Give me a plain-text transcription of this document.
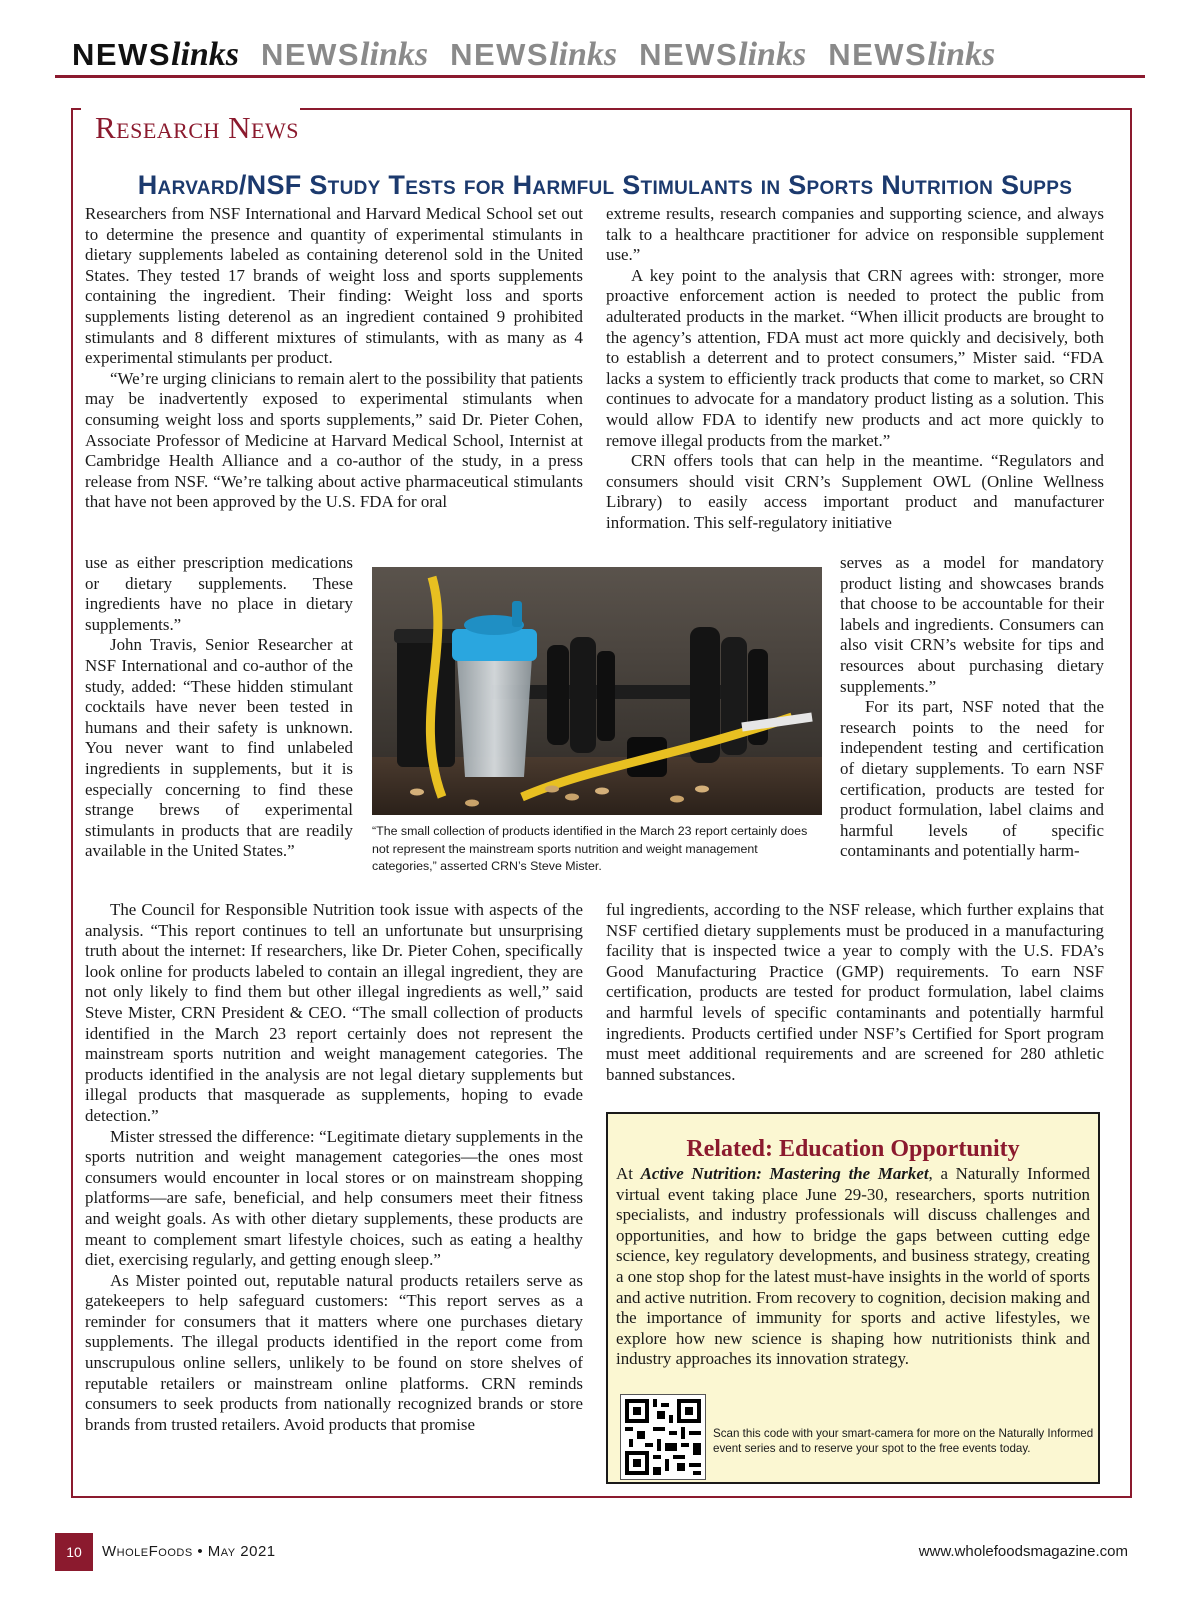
NEWSlinks NEWSlinks NEWSlinks NEWSlinks NEWSlinks
Research News
Harvard/NSF Study Tests for Harmful Stimulants in Sports Nutrition Supps

Researchers from NSF International and Harvard Medical School set out to determine the presence and quantity of experimental stimulants in dietary supplements labeled as containing deterenol sold in the United States. They tested 17 brands of weight loss and sports supplements containing the ingredient. Their finding: Weight loss and sports supplements listing deterenol as an ingredient contained 9 prohibited stimulants and 8 different mixtures of stimulants, with as many as 4 experimental stimulants per product.

“We’re urging clinicians to remain alert to the possibility that patients may be inadvertently exposed to experimental stimulants when consuming weight loss and sports supplements,” said Dr. Pieter Cohen, Associate Professor of Medicine at Harvard Medical School, Internist at Cambridge Health Alliance and a co-author of the study, in a press release from NSF. “We’re talking about active pharmaceutical stimulants that have not been approved by the U.S. FDA for oral

use as either prescription medications or dietary supplements. These ingredients have no place in dietary supplements.”

John Travis, Senior Researcher at NSF International and co-author of the study, added: “These hidden stimulant cocktails have never been tested in humans and their safety is unknown. You never want to find unlabeled ingredients in supplements, but it is especially concerning to find these strange brews of experimental stimulants in products that are readily available in the United States.”

The Council for Responsible Nutrition took issue with aspects of the analysis. “This report continues to tell an unfortunate but unsurprising truth about the internet: If researchers, like Dr. Pieter Cohen, specifically look online for products labeled to contain an illegal ingredient, they are not only likely to find them but other illegal ingredients as well,” said Steve Mister, CRN President & CEO. “The small collection of products identified in the March 23 report certainly does not represent the mainstream sports nutrition and weight management categories. The products identified in the analysis are not legal dietary supplements but illegal products that masquerade as supplements, hoping to evade detection.”

Mister stressed the difference: “Legitimate dietary supplements in the sports nutrition and weight management categories—the ones most consumers would encounter in local stores or on mainstream shopping platforms—are safe, beneficial, and help consumers meet their fitness and weight goals. As with other dietary supplements, these products are meant to complement smart lifestyle choices, such as eating a healthy diet, exercising regularly, and getting enough sleep.”

As Mister pointed out, reputable natural products retailers serve as gatekeepers to help safeguard customers: “This report serves as a reminder for consumers that it matters where one purchases dietary supplements. The illegal products identified in the report come from unscrupulous online sellers, unlikely to be found on store shelves of reputable retailers or mainstream online platforms. CRN reminds consumers to seek products from nationally recognized brands or store brands from trusted retailers. Avoid products that promise

extreme results, research companies and supporting science, and always talk to a healthcare practitioner for advice on responsible supplement use.”

A key point to the analysis that CRN agrees with: stronger, more proactive enforcement action is needed to protect the public from adulterated products in the market. “When illicit products are brought to the agency’s attention, FDA must act more quickly and decisively, both to establish a deterrent and to protect consumers,” Mister said. “FDA lacks a system to efficiently track products that come to market, so CRN continues to advocate for a mandatory product listing as a solution. This would allow FDA to identify new products and act more quickly to remove illegal products from the market.”

CRN offers tools that can help in the meantime. “Regulators and consumers should visit CRN’s Supplement OWL (Online Wellness Library) to easily access important product and manufacturer information. This self-regulatory initiative

serves as a model for mandatory product listing and showcases brands that choose to be accountable for their labels and ingredients. Consumers can also visit CRN’s website for tips and resources about purchasing dietary supplements.”

For its part, NSF noted that the research points to the need for independent testing and certification of dietary supplements. To earn NSF certification, products are tested for product formulation, label claims and harmful levels of specific contaminants and potentially harm-

ful ingredients, according to the NSF release, which further explains that NSF certified dietary supplements must be produced in a manufacturing facility that is inspected twice a year to comply with the U.S. FDA’s Good Manufacturing Practice (GMP) requirements. To earn NSF certification, products are tested for product formulation, label claims and harmful levels of specific contaminants and potentially harmful ingredients. Products certified under NSF’s Certified for Sport program must meet additional requirements and are screened for 280 athletic banned substances.

“The small collection of products identified in the March 23 report certainly does not represent the mainstream sports nutrition and weight management categories,” asserted CRN’s Steve Mister.
Related: Education Opportunity
At Active Nutrition: Mastering the Market, a Naturally Informed virtual event taking place June 29-30, researchers, sports nutrition specialists, and industry professionals will discuss challenges and opportunities, and how to bridge the gaps between cutting edge science, key regulatory developments, and business strategy, creating a one stop shop for the latest must-have insights in the world of sports and active nutrition. From recovery to cognition, decision making and the importance of immunity for sports and active lifestyles, we explore how new science is shaping how nutritionists think and industry approaches its innovation strategy.
Scan this code with your smart-camera for more on the Naturally Informed event series and to reserve your spot to the free events today.
10	WholeFoods • May 2021	www.wholefoodsmagazine.com
